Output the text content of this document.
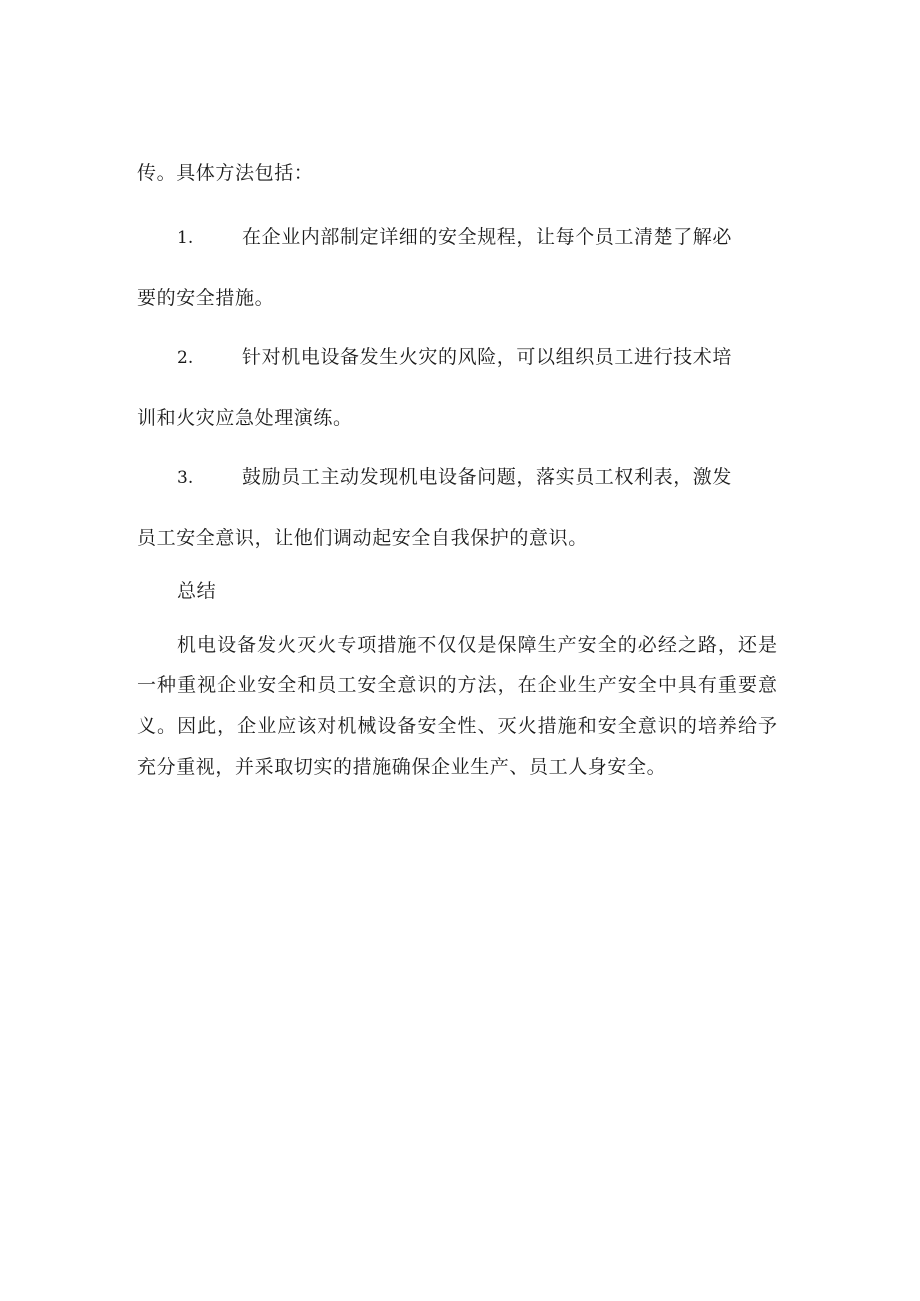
传。具体方法包括：
1.	在企业内部制定详细的安全规程，让每个员工清楚了解必
要的安全措施。
2.	针对机电设备发生火灾的风险，可以组织员工进行技术培
训和火灾应急处理演练。
3.	鼓励员工主动发现机电设备问题，落实员工权利表，激发
员工安全意识，让他们调动起安全自我保护的意识。
总结
机电设备发火灭火专项措施不仅仅是保障生产安全的必经之路，还是
一种重视企业安全和员工安全意识的方法，在企业生产安全中具有重要意
义。因此，企业应该对机械设备安全性、灭火措施和安全意识的培养给予
充分重视，并采取切实的措施确保企业生产、员工人身安全。
